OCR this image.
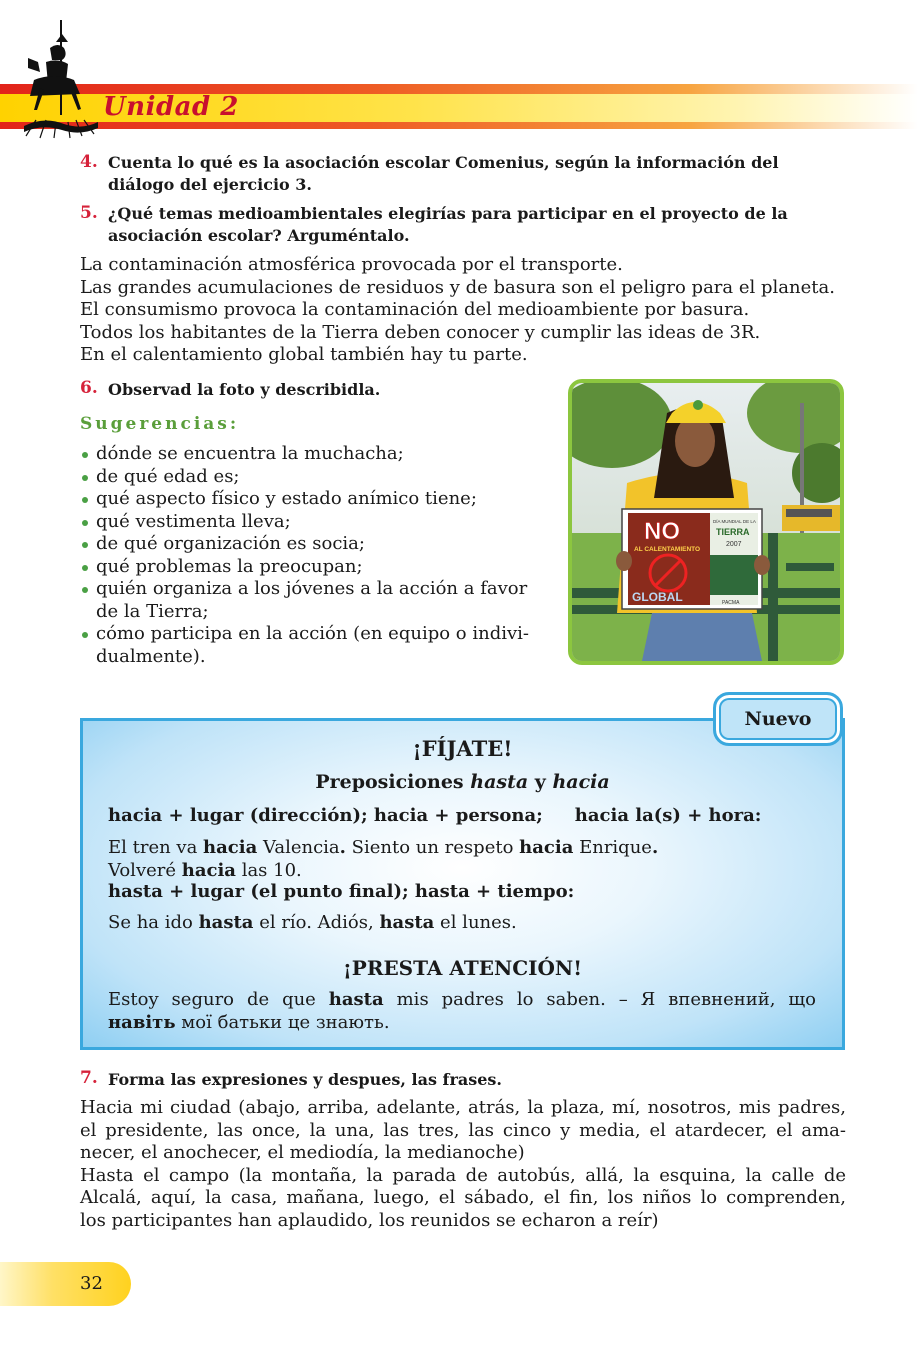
Unidad 2
4. Cuenta lo qué es la asociación escolar Comenius, según la información del
diálogo del ejercicio 3.
5. ¿Qué temas medioambientales elegirías para participar en el proyecto de la
asociación escolar? Arguméntalo.
La contaminación atmosférica provocada por el transporte.
Las grandes acumulaciones de residuos y de basura son el peligro para el planeta.
El consumismo provoca la contaminación del medioambiente por basura.
Todos los habitantes de la Tierra deben conocer y cumplir las ideas de 3R.
En el calentamiento global también hay tu parte.
6. Observad la foto y describidla.
Sugerencias:
dónde se encuentra la muchacha;
de qué edad es;
qué aspecto físico y estado anímico tiene;
qué vestimenta lleva;
de qué organización es socia;
qué problemas la preocupan;
quién organiza a los jóvenes a la acción a favor
de la Tierra;
cómo participa en la acción (en equipo o indivi-
dualmente).
NO
AL CALENTAMIENTO
GLOBAL
DÍA MUNDIAL DE LA
TIERRA
2007
PACMA
Nuevo
¡FÍJATE!
Preposiciones hasta y hacia
hacia + lugar (dirección); hacia + persona; hacia la(s) + hora:
El tren va hacia Valencia. Siento un respeto hacia Enrique.
Volveré hacia las 10.
hasta + lugar (el punto final); hasta + tiempo:
Se ha ido hasta el río. Adiós, hasta el lunes.
¡PRESTA ATENCIÓN!
Estoy seguro de que hasta mis padres lo saben. – Я впевнений, що
навіть мої батьки це знають.
7. Forma las expresiones y despues, las frases.
Hacia mi ciudad (abajo, arriba, adelante, atrás, la plaza, mí, nosotros, mis padres,
el presidente, las once, la una, las tres, las cinco y media, el atardecer, el ama-
necer, el anochecer, el mediodía, la medianoche)
Hasta el campo (la montaña, la parada de autobús, allá, la esquina, la calle de
Alcalá, aquí, la casa, mañana, luego, el sábado, el fin, los niños lo comprenden,
los participantes han aplaudido, los reunidos se echaron a reír)
32
